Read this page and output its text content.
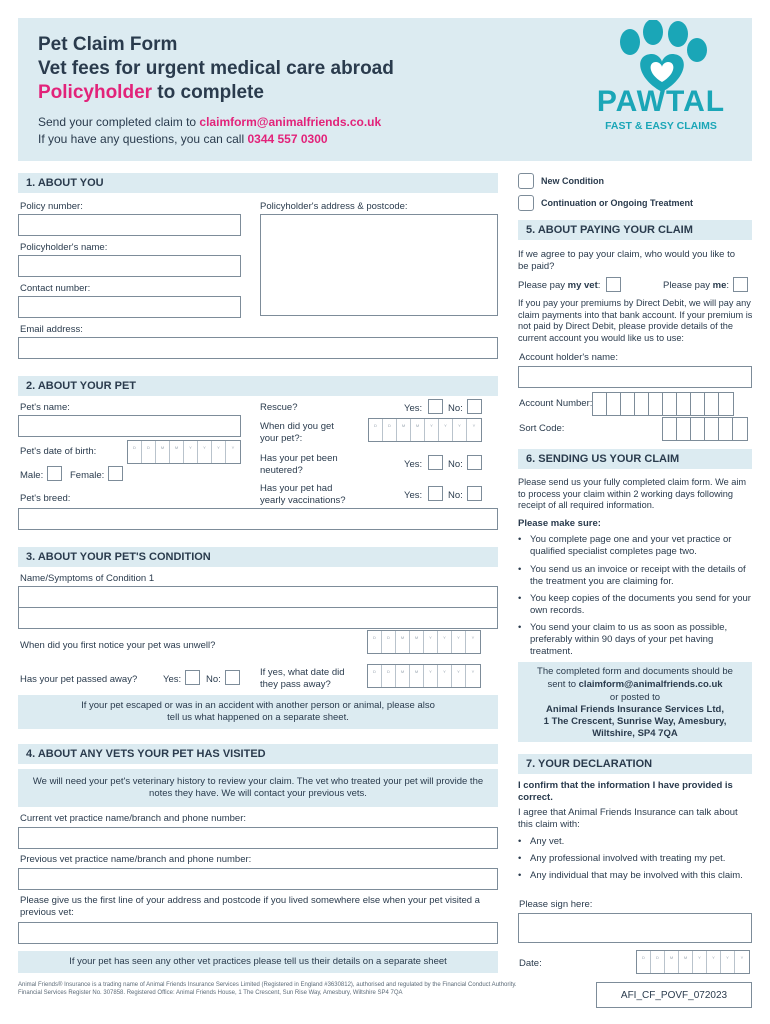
Pet Claim Form
Vet fees for urgent medical care abroad
Policyholder to complete
Send your completed claim to claimform@animalfriends.co.uk
If you have any questions, you can call 0344 557 0300
PAWTAL
FAST & EASY CLAIMS
1. ABOUT YOU
Policy number:	Policyholder's address & postcode:
Policyholder's name:
Contact number:
Email address:
New Condition
Continuation or Ongoing Treatment
5. ABOUT PAYING YOUR CLAIM
If we agree to pay your claim, who would you like to be paid?
Please pay my vet:	Please pay me:
If you pay your premiums by Direct Debit, we will pay any claim payments into that bank account. If your premium is not paid by Direct Debit, please provide details of the current account you would like us to use:
Account holder's name:
Account Number:
Sort Code:
2. ABOUT YOUR PET
Pet's name:	Rescue?	Yes:	No:
When did you get your pet?:
D	D	M	M	Y	Y	Y	Y
Pet's date of birth:	D	D	M	M	Y	Y	Y	Y
Has your pet been neutered?
Yes:	No:
Male:	Female:
Has your pet had yearly vaccinations?	Yes:	No:
Pet's breed:
6. SENDING US YOUR CLAIM
Please send us your fully completed claim form. We aim to process your claim within 2 working days following receipt of all required information.
Please make sure:
• You complete page one and your vet practice or qualified specialist completes page two.
• You send us an invoice or receipt with the details of the treatment you are claiming for.
• You keep copies of the documents you send for your own records.
• You send your claim to us as soon as possible, preferably within 90 days of your pet having treatment.
The completed form and documents should be
sent to claimform@animalfriends.co.uk
or posted to
Animal Friends Insurance Services Ltd,
1 The Crescent, Sunrise Way, Amesbury,
Wiltshire, SP4 7QA
3. ABOUT YOUR PET'S CONDITION
Name/Symptoms of Condition 1
When did you first notice your pet was unwell?
D	D	M	M	Y	Y	Y	Y
Has your pet passed away?	Yes:	No:
If yes, what date did they pass away?
D	D	M	M	Y	Y	Y	Y
If your pet escaped or was in an accident with another person or animal, please also tell us what happened on a separate sheet.
4. ABOUT ANY VETS YOUR PET HAS VISITED
We will need your pet's veterinary history to review your claim. The vet who treated your pet will provide the notes they have. We will contact your previous vets.
Current vet practice name/branch and phone number:
Previous vet practice name/branch and phone number:
Please give us the first line of your address and postcode if you lived somewhere else when your pet visited a previous vet:
If your pet has seen any other vet practices please tell us their details on a separate sheet
7. YOUR DECLARATION
I confirm that the information I have provided is correct.
I agree that Animal Friends Insurance can talk about this claim with:
• Any vet.
• Any professional involved with treating my pet.
• Any individual that may be involved with this claim.
Please sign here:
Date:
D	D	M	M	Y	Y	Y	Y
Animal Friends® Insurance is a trading name of Animal Friends Insurance Services Limited (Registered in England #3630812), authorised and regulated by the Financial Conduct Authority. Financial Services Register No. 307858. Registered Office: Animal Friends House, 1 The Crescent, Sun Rise Way, Amesbury, Wiltshire SP4 7QA	AFI_CF_POVF_072023
